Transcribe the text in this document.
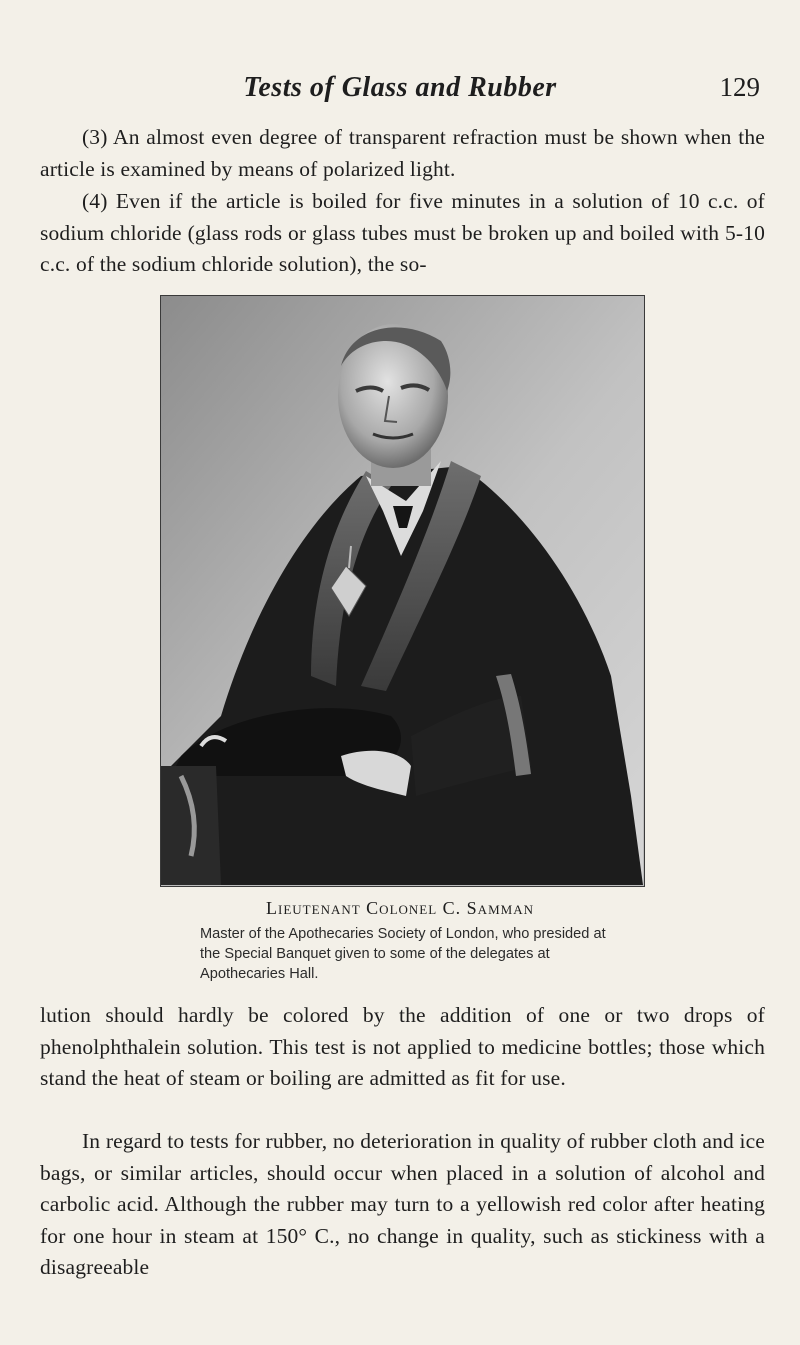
Tests of Glass and Rubber	129

(3) An almost even degree of transparent refraction must be shown when the article is examined by means of polarized light.

(4) Even if the article is boiled for five minutes in a solution of 10 c.c. of sodium chloride (glass rods or glass tubes must be broken up and boiled with 5-10 c.c. of the sodium chloride solution), the so-

Lieutenant Colonel C. Samman

Master of the Apothecaries Society of London, who presided at the Special Banquet given to some of the delegates at Apothecaries Hall.

lution should hardly be colored by the addition of one or two drops of phenolphthalein solution. This test is not applied to medicine bottles; those which stand the heat of steam or boiling are admitted as fit for use.

In regard to tests for rubber, no deterioration in quality of rubber cloth and ice bags, or similar articles, should occur when placed in a solution of alcohol and carbolic acid. Although the rubber may turn to a yellowish red color after heating for one hour in steam at 150° C., no change in quality, such as stickiness with a disagreeable
